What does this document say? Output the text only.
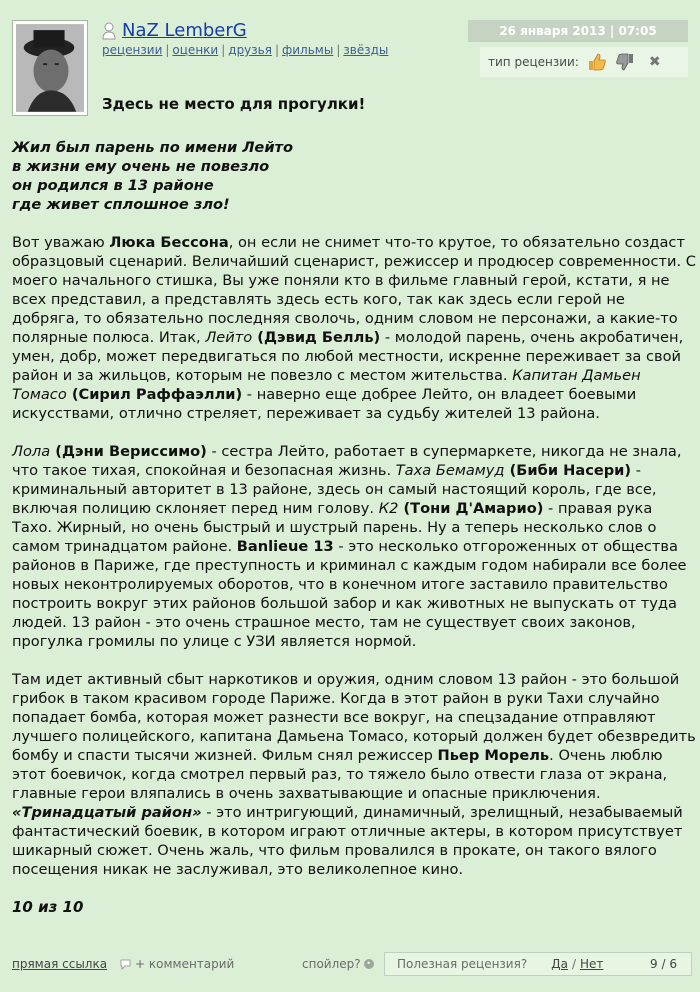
NaZ LemberG
рецензии | оценки | друзья | фильмы | звёзды
26 января 2013 | 07:05
тип рецензии:	✖
Здесь не место для прогулки!

Жил был парень по имени Лейто
в жизни ему очень не повезло
он родился в 13 районе
где живет сплошное зло!

Вот уважаю Люка Бессона, он если не снимет что-то крутое, то обязательно создаст образцовый сценарий. Величайший сценарист, режиссер и продюсер современности. С моего начального стишка, Вы уже поняли кто в фильме главный герой, кстати, я не всех представил, а представлять здесь есть кого, так как здесь если герой не добряга, то обязательно последняя сволочь, одним словом не персонажи, а какие-то полярные полюса. Итак, Лейто (Дэвид Белль) - молодой парень, очень акробатичен, умен, добр, может передвигаться по любой местности, искренне переживает за свой район и за жильцов, которым не повезло с местом жительства. Капитан Дамьен Томасо (Сирил Раффаэлли) - наверно еще добрее Лейто, он владеет боевыми искусствами, отлично стреляет, переживает за судьбу жителей 13 района.

Лола (Дэни Вериссимо) - сестра Лейто, работает в супермаркете, никогда не знала, что такое тихая, спокойная и безопасная жизнь. Таха Бемамуд (Биби Насери) - криминальный авторитет в 13 районе, здесь он самый настоящий король, где все, включая полицию склоняет перед ним голову. К2 (Тони Д'Амарио) - правая рука Тахо. Жирный, но очень быстрый и шустрый парень. Ну а теперь несколько слов о самом тринадцатом районе. Banlieue 13 - это несколько отгороженных от общества районов в Париже, где преступность и криминал с каждым годом набирали все более новых неконтролируемых оборотов, что в конечном итоге заставило правительство построить вокруг этих районов большой забор и как животных не выпускать от туда людей. 13 район - это очень страшное место, там не существует своих законов, прогулка громилы по улице с УЗИ является нормой.

Там идет активный сбыт наркотиков и оружия, одним словом 13 район - это большой грибок в таком красивом городе Париже. Когда в этот район в руки Тахи случайно попадает бомба, которая может разнести все вокруг, на спецзадание отправляют лучшего полицейского, капитана Дамьена Томасо, который должен будет обезвредить бомбу и спасти тысячи жизней. Фильм снял режиссер Пьер Морель. Очень люблю этот боевичок, когда смотрел первый раз, то тяжело было отвести глаза от экрана, главные герои вляпались в очень захватывающие и опасные приключения. «Тринадцатый район» - это интригующий, динамичный, зрелищный, незабываемый фантастический боевик, в котором играют отличные актеры, в котором присутствует шикарный сюжет. Очень жаль, что фильм провалился в прокате, он такого вялого посещения никак не заслуживал, это великолепное кино.

10 из 10

прямая ссылка + комментарий	спойлер? • Полезная рецензия? Да / Нет	9 / 6
